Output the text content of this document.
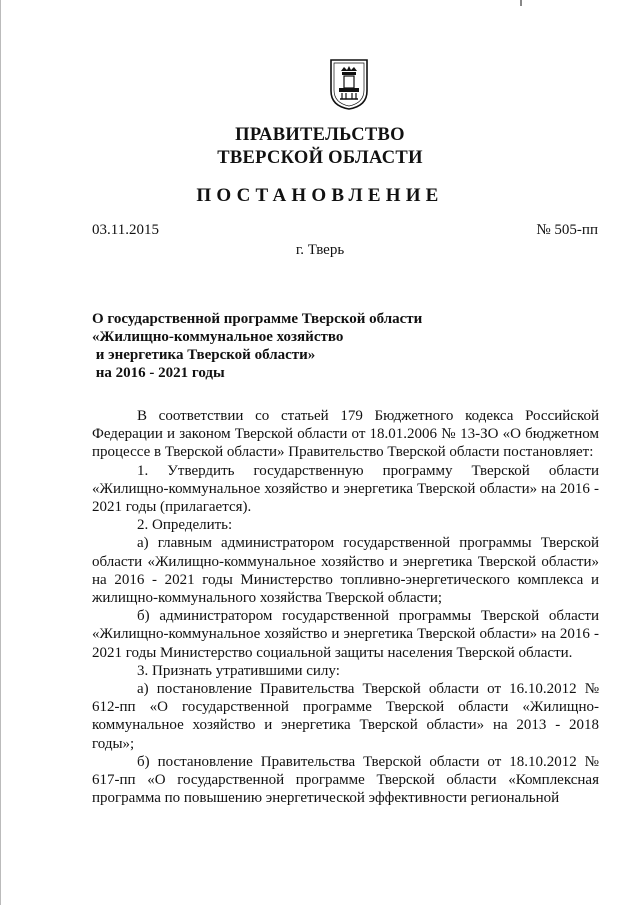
ПРАВИТЕЛЬСТВО
ТВЕРСКОЙ ОБЛАСТИ
ПОСТАНОВЛЕНИЕ
03.11.2015	№ 505-пп
г. Тверь
О государственной программе Тверской области
«Жилищно-коммунальное хозяйство
и энергетика Тверской области»
на 2016 - 2021 годы

В соответствии со статьей 179 Бюджетного кодекса Российской Федерации и законом Тверской области от 18.01.2006 № 13-ЗО «О бюджетном процессе в Тверской области» Правительство Тверской области постановляет:

1. Утвердить государственную программу Тверской области «Жилищно-коммунальное хозяйство и энергетика Тверской области» на 2016 - 2021 годы (прилагается).

2. Определить:

а) главным администратором государственной программы Тверской области «Жилищно-коммунальное хозяйство и энергетика Тверской области» на 2016 - 2021 годы Министерство топливно-энергетического комплекса и жилищно-коммунального хозяйства Тверской области;

б) администратором государственной программы Тверской области «Жилищно-коммунальное хозяйство и энергетика Тверской области» на 2016 - 2021 годы Министерство социальной защиты населения Тверской области.

3. Признать утратившими силу:

а) постановление Правительства Тверской области от 16.10.2012 № 612-пп «О государственной программе Тверской области «Жилищно-коммунальное хозяйство и энергетика Тверской области» на 2013 - 2018 годы»;

б) постановление Правительства Тверской области от 18.10.2012 № 617-пп «О государственной программе Тверской области «Комплексная программа по повышению энергетической эффективности региональной
